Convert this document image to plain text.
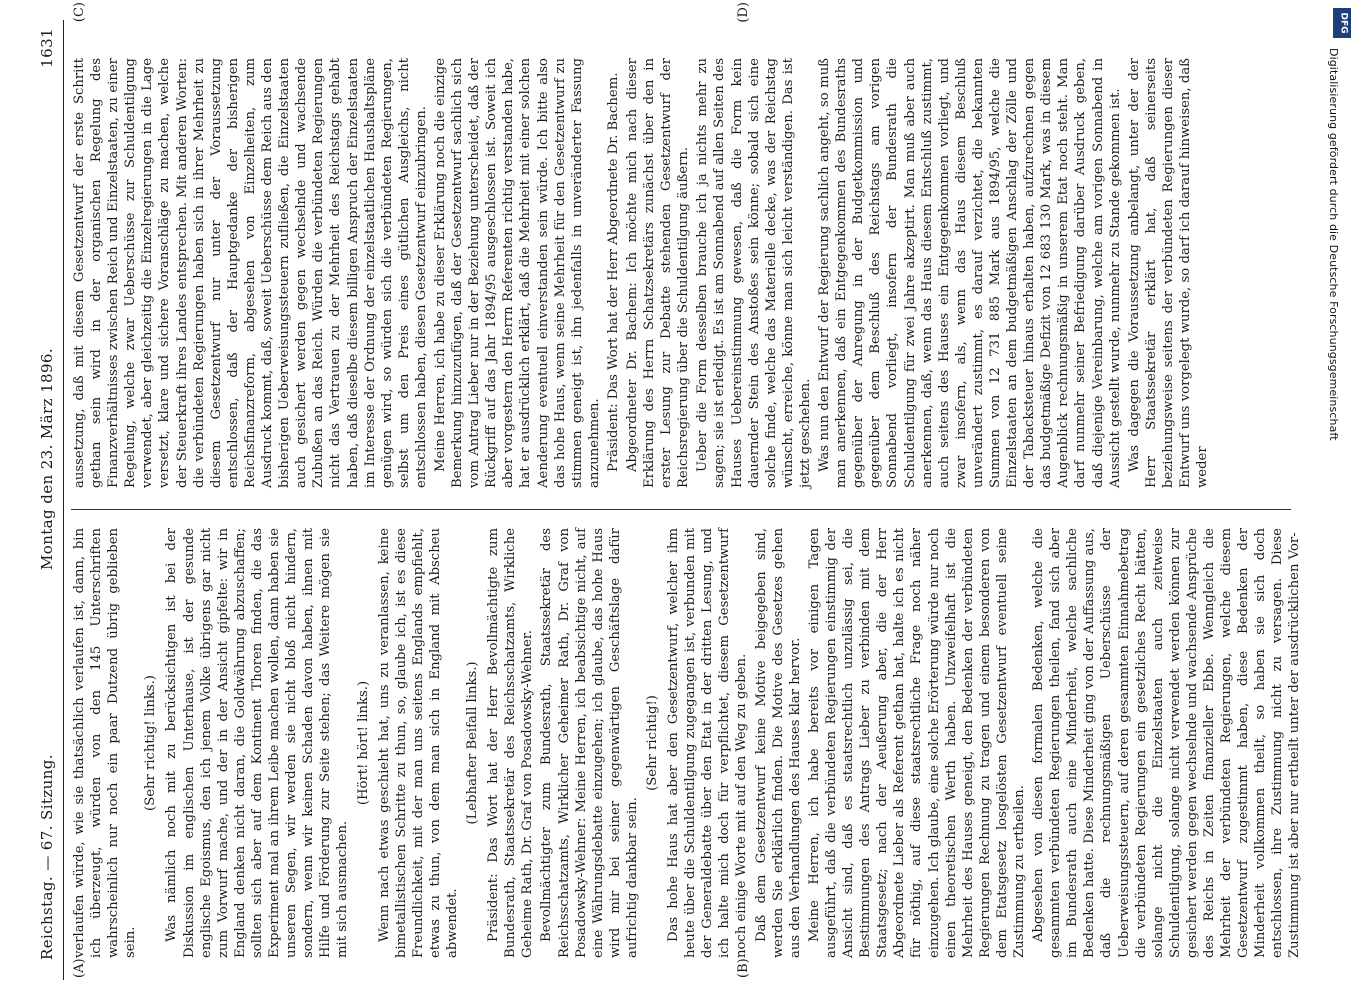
Reichstag. — 67. Sitzung.
Montag den 23. März 1896.
1631
(A)	(B)
(C)	(D)

verlaufen würde, wie sie thatsächlich verlaufen ist, dann, bin ich überzeugt, würden von den 145 Unterschriften wahrscheinlich nur noch ein paar Dutzend übrig geblieben sein.

(Sehr richtig! links.) Was nämlich noch mit zu berücksichtigen ist bei der Diskussion im englischen Unterhause, ist der gesunde englische Egoismus, den ich jenem Volke übrigens gar nicht zum Vorwurf mache, und der in der Ansicht gipfelte: wir in England denken nicht daran, die Goldwährung abzuschaffen; sollten sich aber auf dem Kontinent Thoren finden, die das Experiment mal an ihrem Leibe machen wollen, dann haben sie unseren Segen, wir werden sie nicht bloß nicht hindern, sondern, wenn wir keinen Schaden davon haben, ihnen mit Hilfe und Förderung zur Seite stehen; das Weitere mögen sie mit sich ausmachen.

(Hört! hört! links.) Wenn nach etwas geschieht hat, uns zu veranlassen, keine bimetallistischen Schritte zu thun, so, glaube ich, ist es diese Freundlichkeit, mit der man uns seitens Englands empfiehlt, etwas zu thun, von dem man sich in England mit Abscheu abwendet.

(Lebhafter Beifall links.) Präsident: Das Wort hat der Herr Bevollmächtigte zum Bundesrath, Staatssekretär des Reichsschatzamts, Wirkliche Geheime Rath, Dr. Graf von Posadowsky-Wehner. Bevollmächtigter zum Bundesrath, Staatssekretär des Reichsschatzamts, Wirklicher Geheimer Rath, Dr. Graf von Posadowsky-Wehner: Meine Herren, ich beabsichtige nicht, auf eine Währungsdebatte einzugehen; ich glaube, das hohe Haus wird mir bei seiner gegenwärtigen Geschäftslage dafür aufrichtig dankbar sein.

(Sehr richtig!) Das hohe Haus hat aber den Gesetzentwurf, welcher ihm heute über die Schuldentilgung zugegangen ist, verbunden mit der Generaldebatte über den Etat in der dritten Lesung, und ich halte mich doch für verpflichtet, diesem Gesetzentwurf noch einige Worte mit auf den Weg zu geben. Daß dem Gesetzentwurf keine Motive beigegeben sind, werden Sie erklärlich finden. Die Motive des Gesetzes gehen aus den Verhandlungen des Hauses klar hervor. Meine Herren, ich habe bereits vor einigen Tagen ausgeführt, daß die verbündeten Regierungen einstimmig der Ansicht sind, daß es staatsrechtlich unzulässig sei, die Bestimmungen des Antrags Lieber zu verbinden mit dem Staatsgesetz; nach der Aeußerung aber, die der Herr Abgeordnete Lieber als Referent gethan hat, halte ich es nicht für nöthig, auf diese staatsrechtliche Frage noch näher einzugehen. Ich glaube, eine solche Erörterung würde nur noch einen theoretischen Werth haben. Unzweifelhaft ist die Mehrheit des Hauses geneigt, den Bedenken der verbündeten Regierungen Rechnung zu tragen und einem besonderen von dem Etatsgesetz losgelösten Gesetzentwurf eventuell seine Zustimmung zu ertheilen. Abgesehen von diesen formalen Bedenken, welche die gesammten verbündeten Regierungen theilen, fand sich aber im Bundesrath auch eine Minderheit, welche sachliche Bedenken hatte. Diese Minderheit ging von der Auffassung aus, daß die rechnungsmäßigen Ueberschüsse der Ueberweisungssteuern, auf deren gesammten Einnahmebetrag die verbündeten Regierungen ein gesetzliches Recht hätten, solange nicht die Einzelstaaten auch zeitweise Schuldentilgung, solange nicht verwendet werden können zur gesichert werden gegen wechselnde und wachsende Ansprüche des Reichs in Zeiten finanzieller Ebbe. Wenngleich die Mehrheit der verbündeten Regierungen, welche diesem Gesetzentwurf zugestimmt haben, diese Bedenken der Minderheit vollkommen theilt, so haben sie sich doch entschlossen, ihre Zustimmung nicht zu versagen. Diese Zustimmung ist aber nur ertheilt unter der ausdrücklichen Vor-

aussetzung, daß mit diesem Gesetzentwurf der erste Schritt gethan sein wird in der organischen Regelung des Finanzverhältnisses zwischen Reich und Einzelstaaten, zu einer Regelung, welche zwar Ueberschüsse zur Schuldentilgung verwendet, aber gleichzeitig die Einzelregierungen in die Lage versetzt, klare und sichere Voranschläge zu machen, welche der Steuerkraft ihres Landes entsprechen. Mit anderen Worten: die verbündeten Regierungen haben sich in ihrer Mehrheit zu diesem Gesetzentwurf nur unter der Voraussetzung entschlossen, daß der Hauptgedanke der bisherigen Reichsfinanzreform, abgesehen von Einzelheiten, zum Ausdruck kommt, daß, soweit Ueberschüsse dem Reich aus den bisherigen Ueberweisungssteuern zufließen, die Einzelstaaten auch gesichert werden gegen wechselnde und wachsende Zubußen an das Reich. Würden die verbündeten Regierungen nicht das Vertrauen zu der Mehrheit des Reichstags gehabt haben, daß dieselbe diesem billigen Anspruch der Einzelstaaten im Interesse der Ordnung der einzelstaatlichen Haushaltspläne genügen wird, so würden sich die verbündeten Regierungen, selbst um den Preis eines gütlichen Ausgleichs, nicht entschlossen haben, diesen Gesetzentwurf einzubringen. Meine Herren, ich habe zu dieser Erklärung noch die einzige Bemerkung hinzuzufügen, daß der Gesetzentwurf sachlich sich vom Antrag Lieber nur in der Beziehung unterscheidet, daß der Rückgriff auf das Jahr 1894/95 ausgeschlossen ist. Soweit ich aber vorgestern den Herrn Referenten richtig verstanden habe, hat er ausdrücklich erklärt, daß die Mehrheit mit einer solchen Aenderung eventuell einverstanden sein würde. Ich bitte also das hohe Haus, wenn seine Mehrheit für den Gesetzentwurf zu stimmen geneigt ist, ihn jedenfalls in unveränderter Fassung anzunehmen. Präsident: Das Wort hat der Herr Abgeordnete Dr. Bachem. Abgeordneter Dr. Bachem: Ich möchte mich nach dieser Erklärung des Herrn Schatzsekretärs zunächst über den in erster Lesung zur Debatte stehenden Gesetzentwurf der Reichsregierung über die Schuldentilgung äußern. Ueber die Form desselben brauche ich ja nichts mehr zu sagen; sie ist erledigt. Es ist am Sonnabend auf allen Seiten des Hauses Uebereinstimmung gewesen, daß die Form kein dauernder Stein des Anstoßes sein könne; sobald sich eine solche finde, welche das Materielle decke, was der Reichstag wünscht, erreiche, könne man sich leicht verständigen. Das ist jetzt geschehen. Was nun den Entwurf der Regierung sachlich angeht, so muß man anerkennen, daß ein Entgegenkommen des Bundesraths gegenüber der Anregung in der Budgetkommission und gegenüber dem Beschluß des Reichstags am vorigen Sonnabend vorliegt, insofern der Bundesrath die Schuldentilgung für zwei Jahre akzeptirt. Man muß aber auch anerkennen, daß, wenn das Haus diesem Entschluß zustimmt, auch seitens des Hauses ein Entgegenkommen vorliegt, und zwar insofern, als, wenn das Haus diesem Beschluß unverändert zustimmt, es darauf verzichtet, die bekannten Summen von 12 731 885 Mark aus 1894/95, welche die Einzelstaaten an dem budgetmäßigen Anschlag der Zölle und der Tabacksteuer hinaus erhalten haben, aufzurechnen gegen das budgetmäßige Defizit von 12 683 130 Mark, was in diesem Augenblick rechnungsmäßig in unserem Etat noch steht. Man darf nunmehr seiner Befriedigung darüber Ausdruck geben, daß diejenige Vereinbarung, welche am vorigen Sonnabend in Aussicht gestellt wurde, nunmehr zu Stande gekommen ist. Was dagegen die Voraussetzung anbelangt, unter der der Herr Staatssekretär erklärt hat, daß seinerseits beziehungsweise seitens der verbündeten Regierungen dieser Entwurf uns vorgelegt wurde, so darf ich darauf hinweisen, daß weder

DFG
Digitalisierung gefördert durch die Deutsche Forschungsgemeinschaft
